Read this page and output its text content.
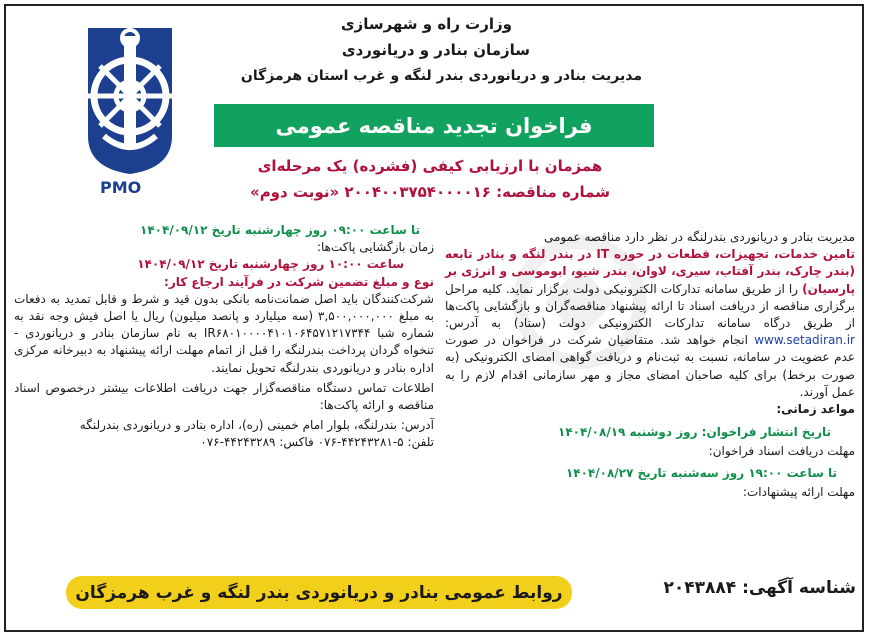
PMO
وزارت راه و شهرسازی
سازمان بنادر و دریانوردی
مدیریت بنادر و دریانوردی بندر لنگه و غرب استان هرمزگان
فراخوان تجدید مناقصه عمومی
همزمان با ارزیابی کیفی (فشرده) یک مرحله‌ای
شماره مناقصه: ۲۰۰۴۰۰۳۷۵۴۰۰۰۰۱۶ «نوبت دوم»

مدیریت بنادر و دریانوردی بندرلنگه در نظر دارد مناقصه عمومی

تامین خدمات، تجهیزات، قطعات در حوزه IT در بندر لنگه و بنادر تابعه (بندر چارک، بندر آفتاب، سیری، لاوان، بندر شیو، ابوموسی و انرژی بر پارسیان) را از طریق سامانه تدارکات الکترونیکی دولت برگزار نماید. کلیه مراحل برگزاری مناقصه از دریافت اسناد تا ارائه پیشنهاد مناقصه‌گران و بازگشایی پاکت‌ها از طریق درگاه سامانه تدارکات الکترونیکی دولت (ستاد) به آدرس: www.setadiran.ir انجام خواهد شد. متقاضیان شرکت در فراخوان در صورت عدم عضویت در سامانه، نسبت به ثبت‌نام و دریافت گواهی امضای الکترونیکی (به صورت برخط) برای کلیه صاحبان امضای مجاز و مهر سازمانی اقدام لازم را به عمل آورند.

مواعد زمانی:

تاریخ انتشار فراخوان: روز دوشنبه ۱۴۰۴/۰۸/۱۹

مهلت دریافت اسناد فراخوان:

تا ساعت ۱۹:۰۰ روز سه‌شنبه تاریخ ۱۴۰۴/۰۸/۲۷

مهلت ارائه پیشنهادات:

تا ساعت ۰۹:۰۰ روز چهارشنبه تاریخ ۱۴۰۴/۰۹/۱۲

زمان بازگشایی پاکت‌ها:

ساعت ۱۰:۰۰ روز چهارشنبه تاریخ ۱۴۰۴/۰۹/۱۲

نوع و مبلغ تضمین شرکت در فرآیند ارجاع کار:

شرکت‌کنندگان باید اصل ضمانت‌نامه بانکی بدون قید و شرط و قابل تمدید به دفعات به مبلغ ۳,۵۰۰,۰۰۰,۰۰۰ (سه میلیارد و پانصد میلیون) ریال یا اصل فیش وجه نقد به شماره شبا IR۶۸۰۱۰۰۰۰۴۱۰۱۰۶۴۵۷۱۲۱۷۳۴۴ به نام سازمان بنادر و دریانوردی - تنخواه گردان پرداخت بندرلنگه را قبل از اتمام مهلت ارائه پیشنهاد به دبیرخانه مرکزی اداره بنادر و دریانوردی بندرلنگه تحویل نمایند.

اطلاعات تماس دستگاه مناقصه‌گزار جهت دریافت اطلاعات بیشتر درخصوص اسناد مناقصه و ارائه پاکت‌ها:

آدرس: بندرلنگه، بلوار امام خمینی (ره)، اداره بنادر و دریانوردی بندرلنگه

تلفن: ۵-۴۴۲۴۳۲۸۱-۰۷۶ فاکس: ۴۴۲۴۳۲۸۹-۰۷۶

روابط عمومی بنادر و دریانوردی بندر لنگه و غرب هرمزگان	شناسه آگهی: ۲۰۴۳۸۸۴
